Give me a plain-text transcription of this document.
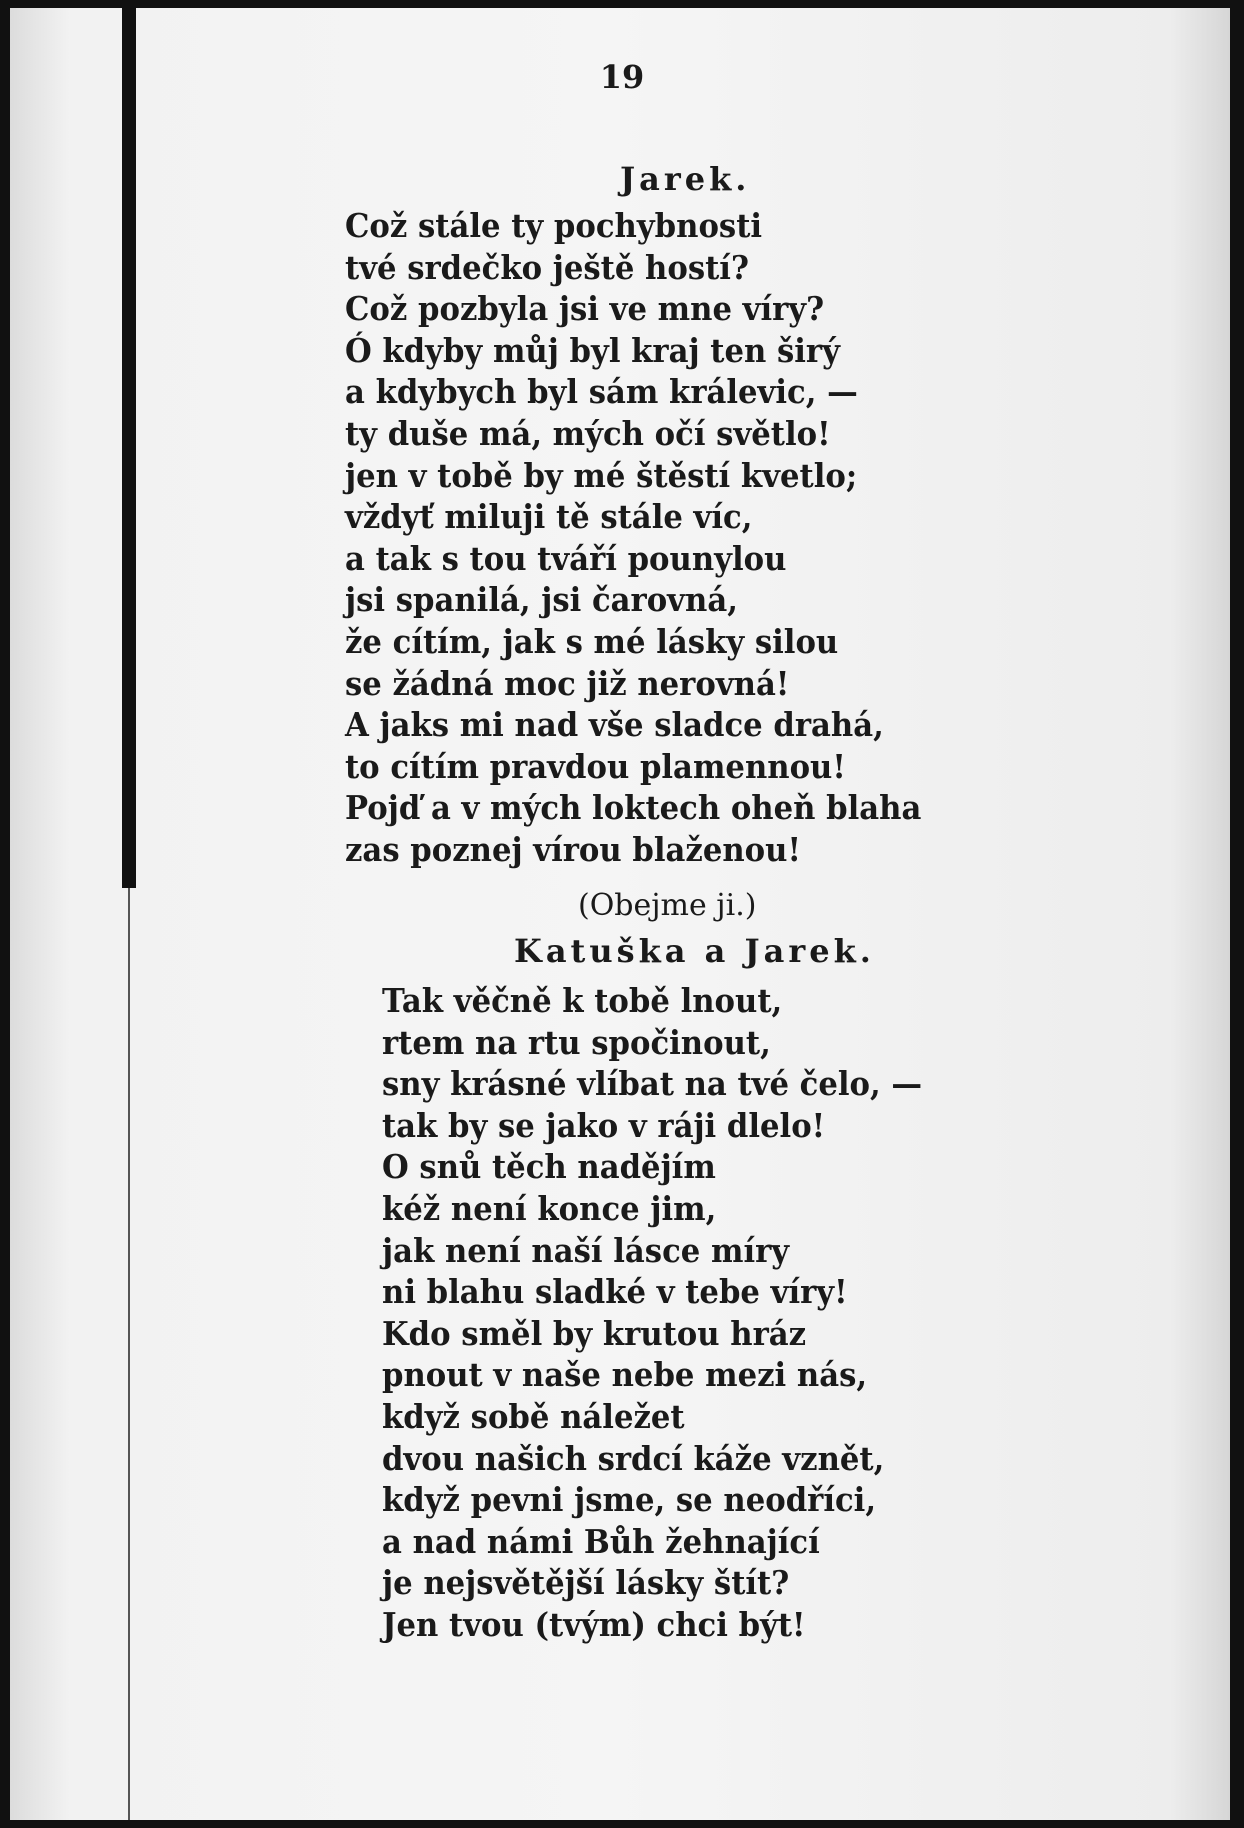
19
Jarek.
Což stále ty pochybnosti
tvé srdečko ještě hostí?
Což pozbyla jsi ve mne víry?
Ó kdyby můj byl kraj ten širý
a kdybych byl sám králevic, —
ty duše má, mých očí světlo!
jen v tobě by mé štěstí kvetlo;
vždyť miluji tě stále víc,
a tak s tou tváří pounylou
jsi spanilá, jsi čarovná,
že cítím, jak s mé lásky silou
se žádná moc již nerovná!
A jaks mi nad vše sladce drahá,
to cítím pravdou plamennou!
Pojď a v mých loktech oheň blaha
zas poznej vírou blaženou!
(Obejme ji.)
Katuška a Jarek.
Tak věčně k tobě lnout,
rtem na rtu spočinout,
sny krásné vlíbat na tvé čelo, —
tak by se jako v ráji dlelo!
O snů těch nadějím
kéž není konce jim,
jak není naší lásce míry
ni blahu sladké v tebe víry!
Kdo směl by krutou hráz
pnout v naše nebe mezi nás,
když sobě náležet
dvou našich srdcí káže vznět,
když pevni jsme, se neodříci,
a nad námi Bůh žehnající
je nejsvětější lásky štít?
Jen tvou (tvým) chci být!
